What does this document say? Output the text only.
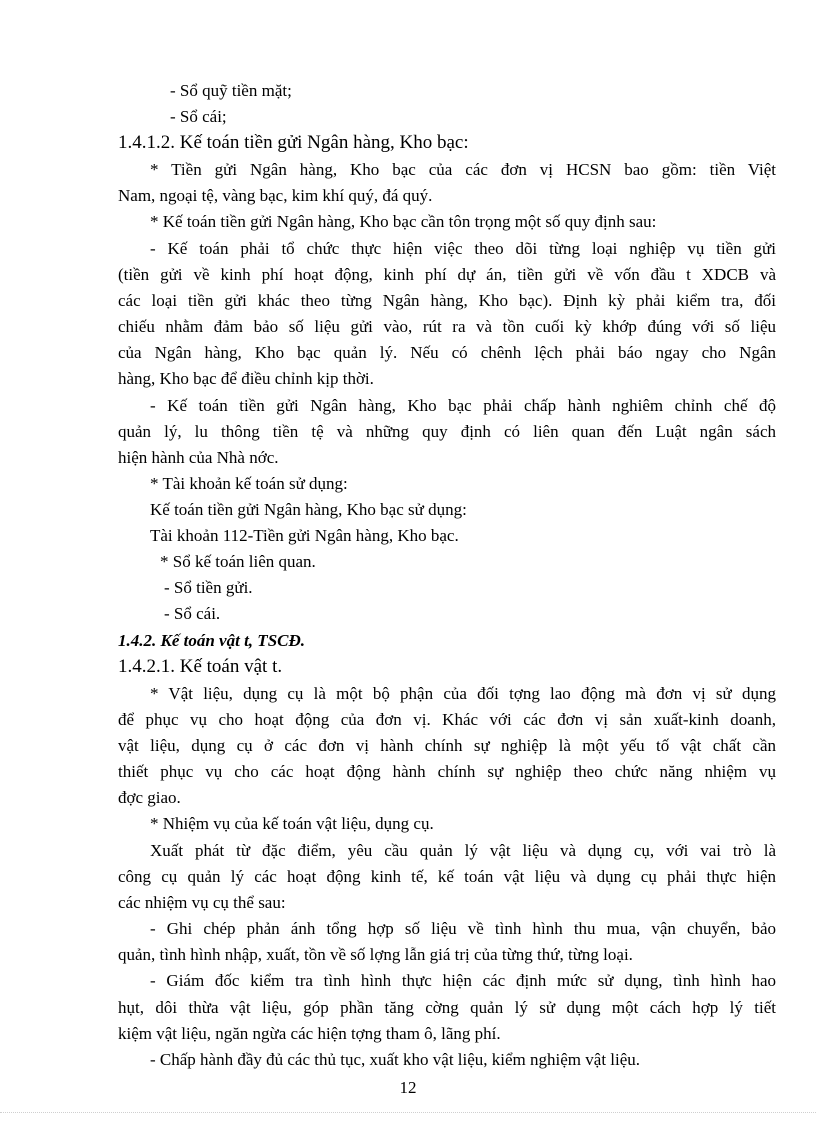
- Sổ quỹ tiền mặt;
- Sổ cái;
1.4.1.2. Kế toán tiền gửi Ngân hàng, Kho bạc:
* Tiền gửi Ngân hàng, Kho bạc của các đơn vị HCSN bao gồm: tiền Việt
Nam, ngoại tệ, vàng bạc, kim khí quý, đá quý.
* Kế toán tiền gửi Ngân hàng, Kho bạc cần tôn trọng một số quy định sau:
- Kế toán phải tổ chức thực hiện việc theo dõi từng loại nghiệp vụ tiền gửi
(tiền gửi về kinh phí hoạt động, kinh phí dự án, tiền gửi về vốn đầu t XDCB và
các loại tiền gửi khác theo từng Ngân hàng, Kho bạc). Định kỳ phải kiểm tra, đối
chiếu nhằm đảm bảo số liệu gửi vào, rút ra và tồn cuối kỳ khớp đúng với số liệu
của Ngân hàng, Kho bạc quản lý. Nếu có chênh lệch phải báo ngay cho Ngân
hàng, Kho bạc để điều chỉnh kịp thời.
- Kế toán tiền gửi Ngân hàng, Kho bạc phải chấp hành nghiêm chỉnh chế độ
quản lý, lu thông tiền tệ và những quy định có liên quan đến Luật ngân sách
hiện hành của Nhà nớc.
* Tài khoản kế toán sử dụng:
Kế toán tiền gửi Ngân hàng, Kho bạc sử dụng:
Tài khoản 112-Tiền gửi Ngân hàng, Kho bạc.
* Sổ kế toán liên quan.
- Sổ tiền gửi.
- Sổ cái.
1.4.2. Kế toán vật t, TSCĐ.
1.4.2.1. Kế toán vật t.
* Vật liệu, dụng cụ là một bộ phận của đối tợng lao động mà đơn vị sử dụng
để phục vụ cho hoạt động của đơn vị. Khác với các đơn vị sản xuất-kinh doanh,
vật liệu, dụng cụ ở các đơn vị hành chính sự nghiệp là một yếu tố vật chất cần
thiết phục vụ cho các hoạt động hành chính sự nghiệp theo chức năng nhiệm vụ
đợc giao.
* Nhiệm vụ của kế toán vật liệu, dụng cụ.
Xuất phát từ đặc điểm, yêu cầu quản lý vật liệu và dụng cụ, với vai trò là
công cụ quản lý các hoạt động kinh tế, kế toán vật liệu và dụng cụ phải thực hiện
các nhiệm vụ cụ thể sau:
- Ghi chép phản ánh tổng hợp số liệu về tình hình thu mua, vận chuyển, bảo
quản, tình hình nhập, xuất, tồn về số lợng lẫn giá trị của từng thứ, từng loại.
- Giám đốc kiểm tra tình hình thực hiện các định mức sử dụng, tình hình hao
hụt, dôi thừa vật liệu, góp phần tăng cờng quản lý sử dụng một cách hợp lý tiết
kiệm vật liệu, ngăn ngừa các hiện tợng tham ô, lãng phí.
- Chấp hành đầy đủ các thủ tục, xuất kho vật liệu, kiểm nghiệm vật liệu.
12
